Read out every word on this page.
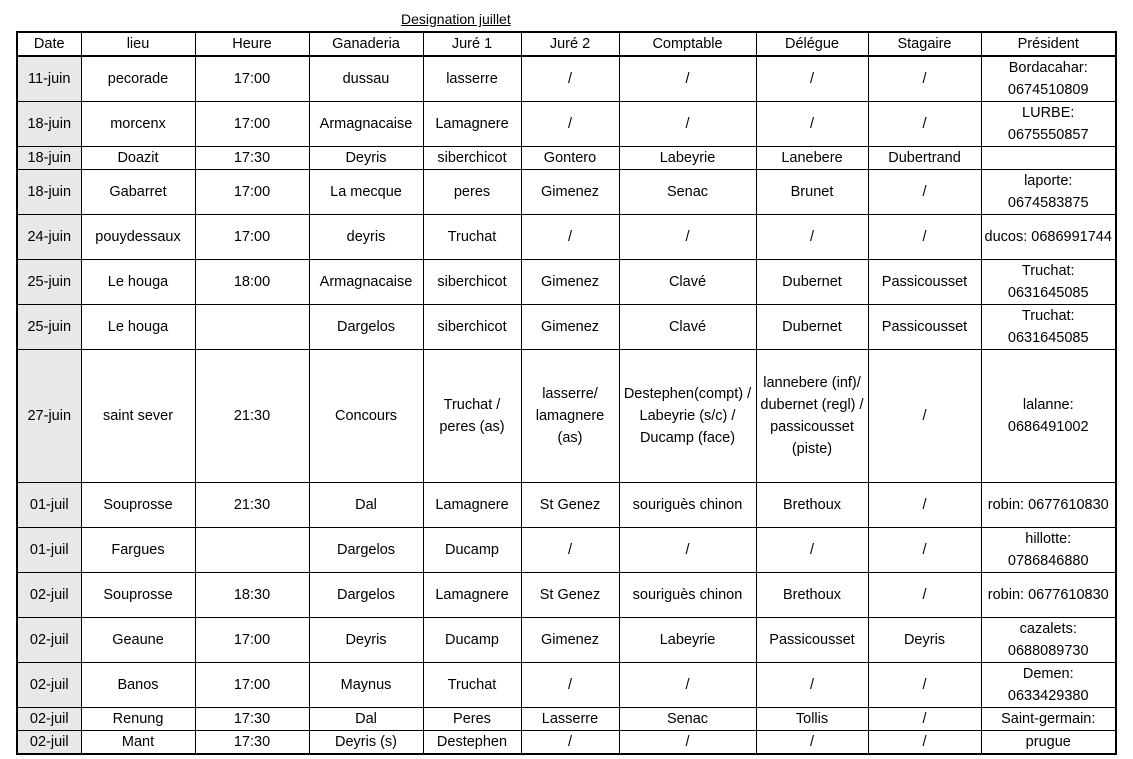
Designation juillet
Date	lieu	Heure	Ganaderia	Juré 1	Juré 2	Comptable	Délégue	Stagaire	Président
11-juin	pecorade	17:00	dussau	lasserre	/	/	/	/	Bordacahar: 0674510809
18-juin	morcenx	17:00	Armagnacaise	Lamagnere	/	/	/	/	LURBE: 0675550857
18-juin	Doazit	17:30	Deyris	siberchicot	Gontero	Labeyrie	Lanebere	Dubertrand	
18-juin	Gabarret	17:00	La mecque	peres	Gimenez	Senac	Brunet	/	laporte: 0674583875
24-juin	pouydessaux	17:00	deyris	Truchat	/	/	/	/	ducos: 0686991744
25-juin	Le houga	18:00	Armagnacaise	siberchicot	Gimenez	Clavé	Dubernet	Passicousset	Truchat: 0631645085
25-juin	Le houga		Dargelos	siberchicot	Gimenez	Clavé	Dubernet	Passicousset	Truchat: 0631645085
27-juin	saint sever	21:30	Concours	Truchat / peres (as)	lasserre/ lamagnere (as)	Destephen(compt) / Labeyrie (s/c) / Ducamp (face)	lannebere (inf)/ dubernet (regl) / passicousset (piste)	/	lalanne: 0686491002
01-juil	Souprosse	21:30	Dal	Lamagnere	St Genez	souriguès chinon	Brethoux	/	robin: 0677610830
01-juil	Fargues		Dargelos	Ducamp	/	/	/	/	hillotte: 0786846880
02-juil	Souprosse	18:30	Dargelos	Lamagnere	St Genez	souriguès chinon	Brethoux	/	robin: 0677610830
02-juil	Geaune	17:00	Deyris	Ducamp	Gimenez	Labeyrie	Passicousset	Deyris	cazalets: 0688089730
02-juil	Banos	17:00	Maynus	Truchat	/	/	/	/	Demen: 0633429380
02-juil	Renung	17:30	Dal	Peres	Lasserre	Senac	Tollis	/	Saint-germain:
02-juil	Mant	17:30	Deyris (s)	Destephen	/	/	/	/	prugue
